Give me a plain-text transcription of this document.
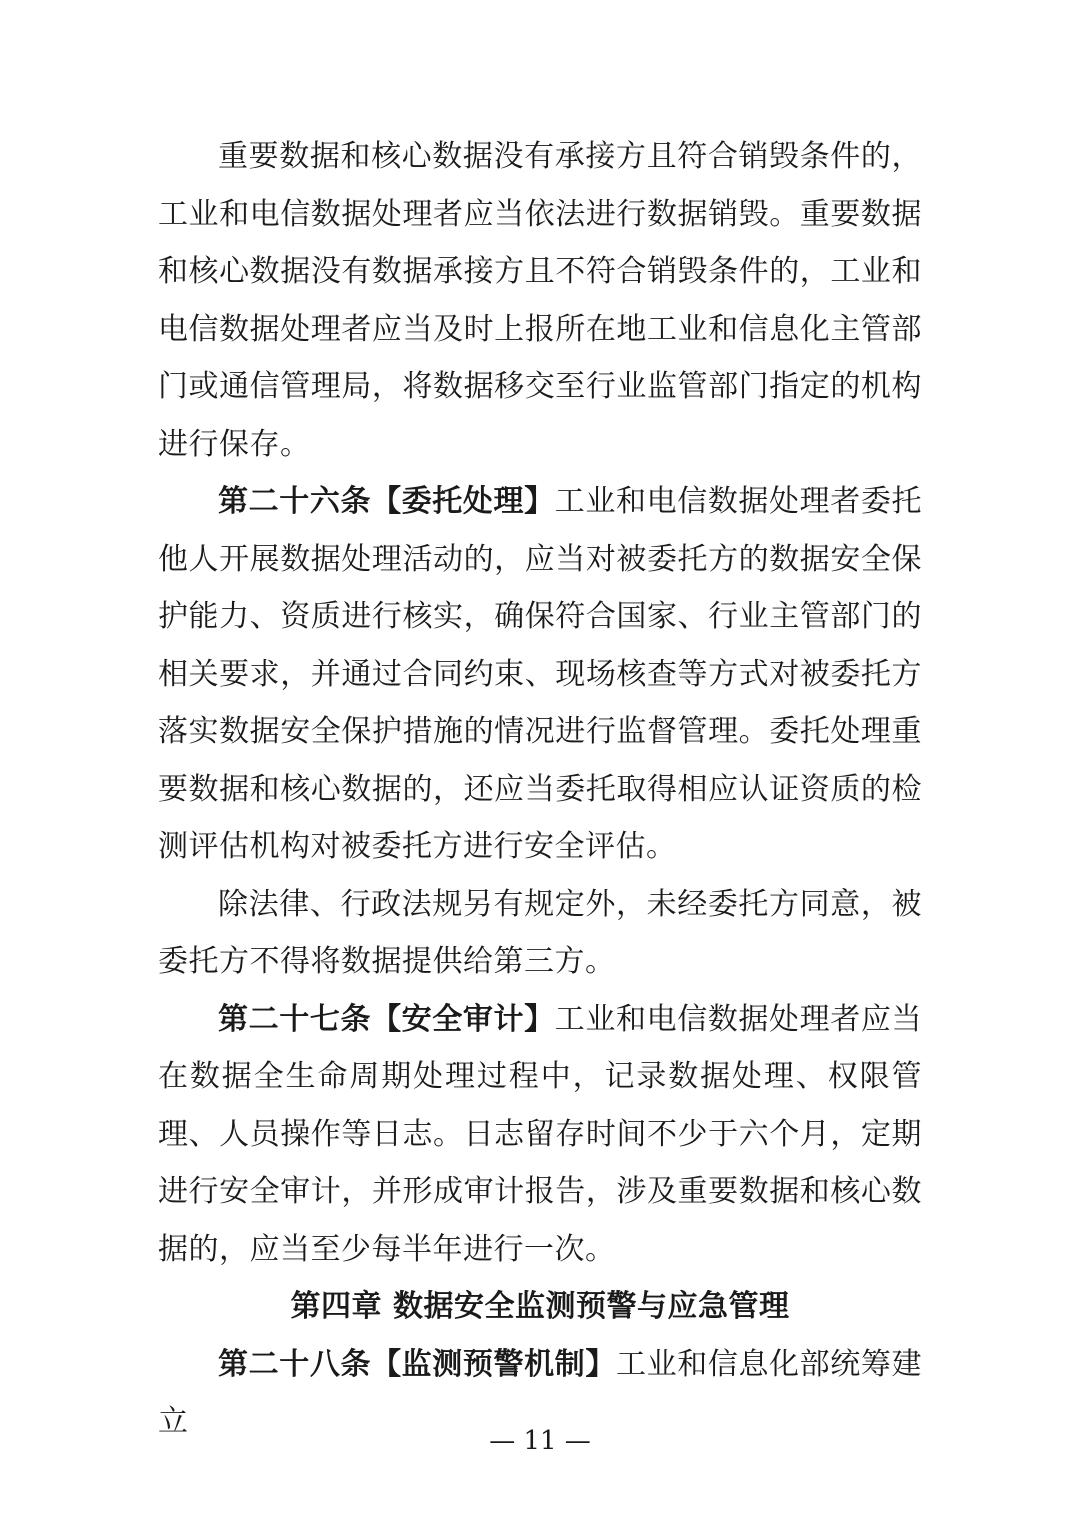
重要数据和核心数据没有承接方且符合销毁条件的，工业和电信数据处理者应当依法进行数据销毁。重要数据和核心数据没有数据承接方且不符合销毁条件的，工业和电信数据处理者应当及时上报所在地工业和信息化主管部门或通信管理局，将数据移交至行业监管部门指定的机构进行保存。

第二十六条【委托处理】工业和电信数据处理者委托他人开展数据处理活动的，应当对被委托方的数据安全保护能力、资质进行核实，确保符合国家、行业主管部门的相关要求，并通过合同约束、现场核查等方式对被委托方落实数据安全保护措施的情况进行监督管理。委托处理重要数据和核心数据的，还应当委托取得相应认证资质的检测评估机构对被委托方进行安全评估。

除法律、行政法规另有规定外，未经委托方同意，被委托方不得将数据提供给第三方。

第二十七条【安全审计】工业和电信数据处理者应当在数据全生命周期处理过程中，记录数据处理、权限管理、人员操作等日志。日志留存时间不少于六个月，定期进行安全审计，并形成审计报告，涉及重要数据和核心数据的，应当至少每半年进行一次。

第四章 数据安全监测预警与应急管理

第二十八条【监测预警机制】工业和信息化部统筹建立

— 11 —
